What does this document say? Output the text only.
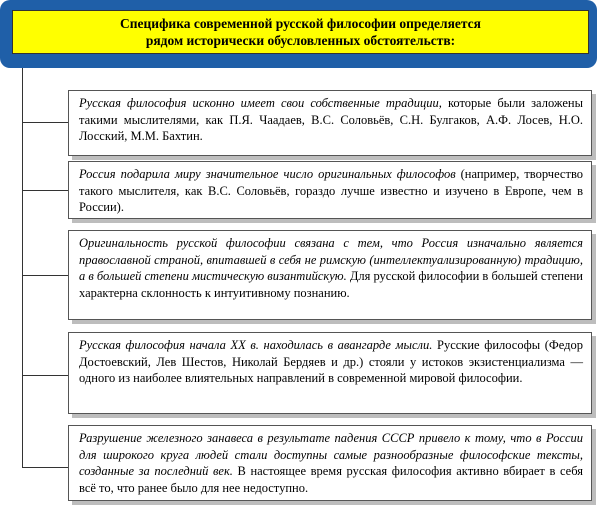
Специфика современной русской философии определяется
рядом исторически обусловленных обстоятельств:
Русская философия исконно имеет свои собственные традиции, которые были заложены такими мыслителями, как П.Я. Чаадаев, В.С. Соловьёв, С.Н. Булгаков, А.Ф. Лосев, Н.О. Лосский, М.М. Бахтин.
Россия подарила миру значительное число оригинальных философов (например, творчество такого мыслителя, как В.С. Соловьёв, гораздо лучше известно и изучено в Европе, чем в России).
Оригинальность русской философии связана с тем, что Россия изначально является православной страной, впитавшей в себя не римскую (интеллектуализированную) традицию, а в большей степени мистическую византийскую. Для русской философии в большей степени характерна склонность к интуитивному познанию.
Русская философия начала XX в. находилась в авангарде мысли. Русские философы (Федор Достоевский, Лев Шестов, Николай Бердяев и др.) стояли у истоков экзистенциализма — одного из наиболее влиятельных направлений в современной мировой философии.
Разрушение железного занавеса в результате падения СССР привело к тому, что в России для широкого круга людей стали доступны самые разнообразные философские тексты, созданные за последний век. В настоящее время русская философия активно вбирает в себя всё то, что ранее было для нее недоступно.
